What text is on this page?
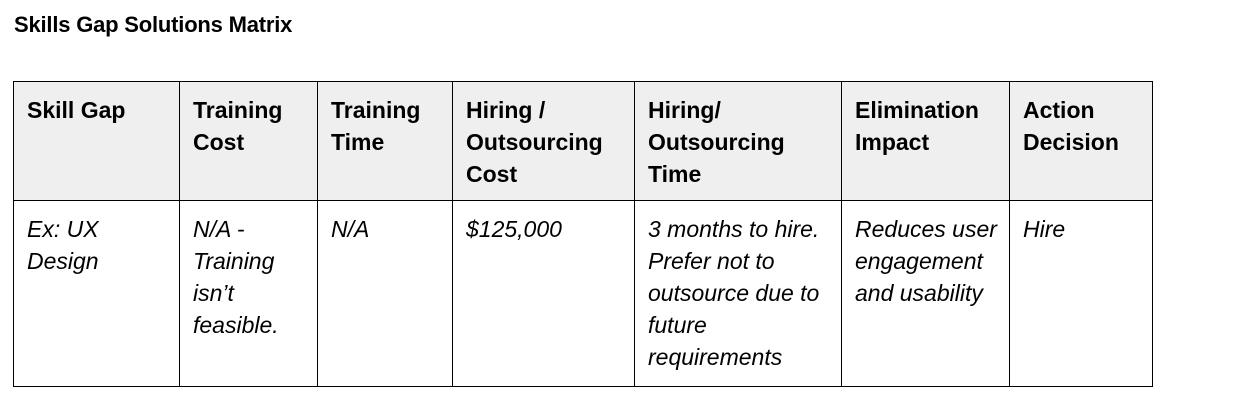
Skills Gap Solutions Matrix
Skill Gap	Training Cost	Training Time	Hiring / Outsourcing Cost	Hiring/ Outsourcing Time	Elimination Impact	Action Decision
Ex: UX Design	N/A - Training isn’t feasible.	N/A	$125,000	3 months to hire. Prefer not to outsource due to future requirements	Reduces user engagement and usability	Hire
